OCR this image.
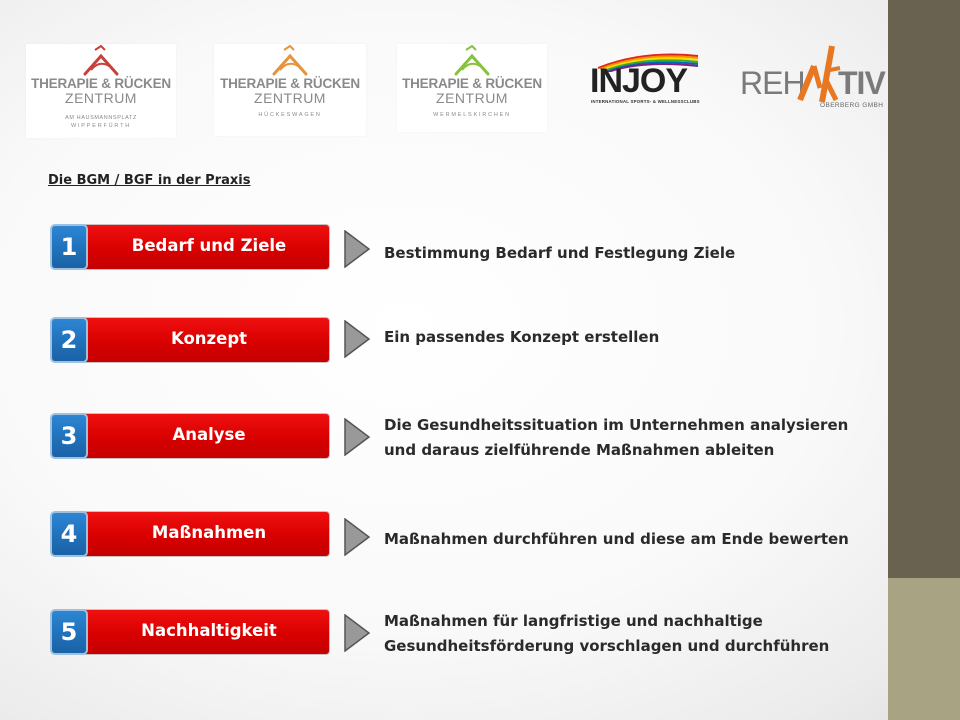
THERAPIE & RÜCKEN
ZENTRUM
AM HAUSMANNSPLATZ
WIPPERFÜRTH
THERAPIE & RÜCKEN
ZENTRUM
HÜCKESWAGEN
THERAPIE & RÜCKEN
ZENTRUM
WERMELSKIRCHEN
INJOY
INTERNATIONAL SPORTS- & WELLNESSCLUBS
REH TIV
OBERBERG GMBH
Die BGM / BGF in der Praxis
1	Bedarf und Ziele	Bestimmung Bedarf und Festlegung Ziele
2	Konzept	Ein passendes Konzept erstellen
3	Analyse	Die Gesundheitssituation im Unternehmen analysieren
und daraus zielführende Maßnahmen ableiten
4	Maßnahmen	Maßnahmen durchführen und diese am Ende bewerten
5	Nachhaltigkeit	Maßnahmen für langfristige und nachhaltige
Gesundheitsförderung vorschlagen und durchführen
